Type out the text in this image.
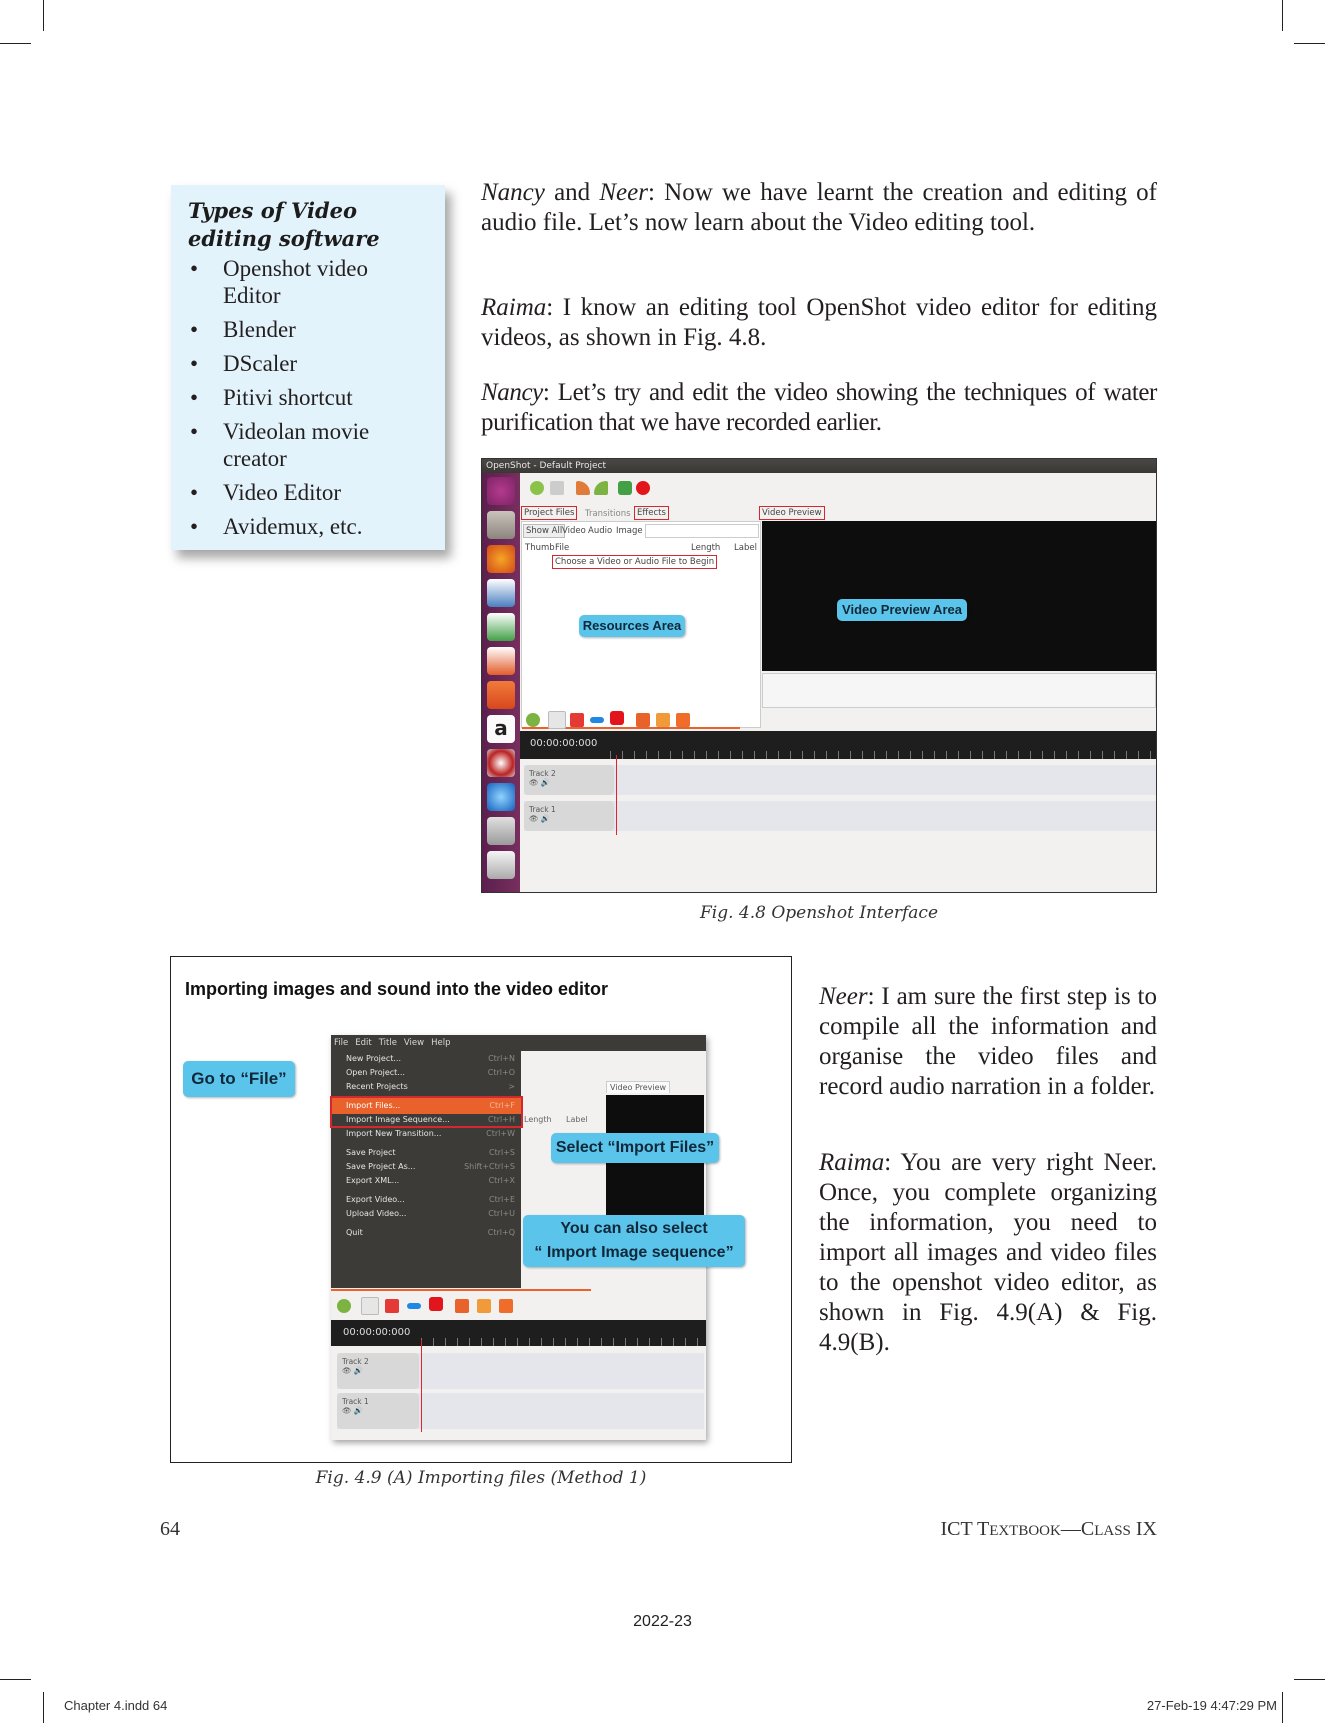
Types of Video editing software
• Openshot video Editor
• Blender
• DScaler
• Pitivi shortcut
• Videolan movie creator
• Video Editor
• Avidemux, etc.
Nancy and Neer: Now we have learnt the creation and editing of audio file. Let’s now learn about the Video editing tool.
Raima: I know an editing tool OpenShot video editor for editing videos, as shown in Fig. 4.8.
Nancy: Let’s try and edit the video showing the techniques of water purification that we have recorded earlier.
OpenShot - Default Project
a
Project Files	Transitions Effects	Video Preview
Show All Video Audio Image
Thumb File	Length Label
Choose a Video or Audio File to Begin
Resources Area
Video Preview Area
00:00:00:000
Track 2
👁 🔊
Track 1
👁 🔊
Fig. 4.8 Openshot Interface
Importing images and sound into the video editor
Go to “File”
File Edit Title View Help
Video Preview
Length Label
New Project...	Ctrl+N
Open Project...	Ctrl+O
Recent Projects	>
Import Files...	Ctrl+F
Import Image Sequence...	Ctrl+H
Import New Transition...	Ctrl+W
Save Project	Ctrl+S
Save Project As...	Shift+Ctrl+S
Export XML...	Ctrl+X
Export Video...	Ctrl+E
Upload Video...	Ctrl+U
Quit	Ctrl+Q
00:00:00:000
Track 2
👁 🔊
Track 1
👁 🔊
Select “Import Files”
You can also select
“ Import Image sequence”
Fig. 4.9 (A) Importing files (Method 1)
Neer: I am sure the first step is to compile all the information and organise the video files and record audio narration in a folder.
Raima: You are very right Neer. Once, you complete organizing the information, you need to import all images and video files to the openshot video editor, as shown in Fig. 4.9(A) & Fig. 4.9(B).
64	ICT TEXTBOOK—CLASS IX
2022-23
Chapter 4.indd 64	27-Feb-19 4:47:29 PM
